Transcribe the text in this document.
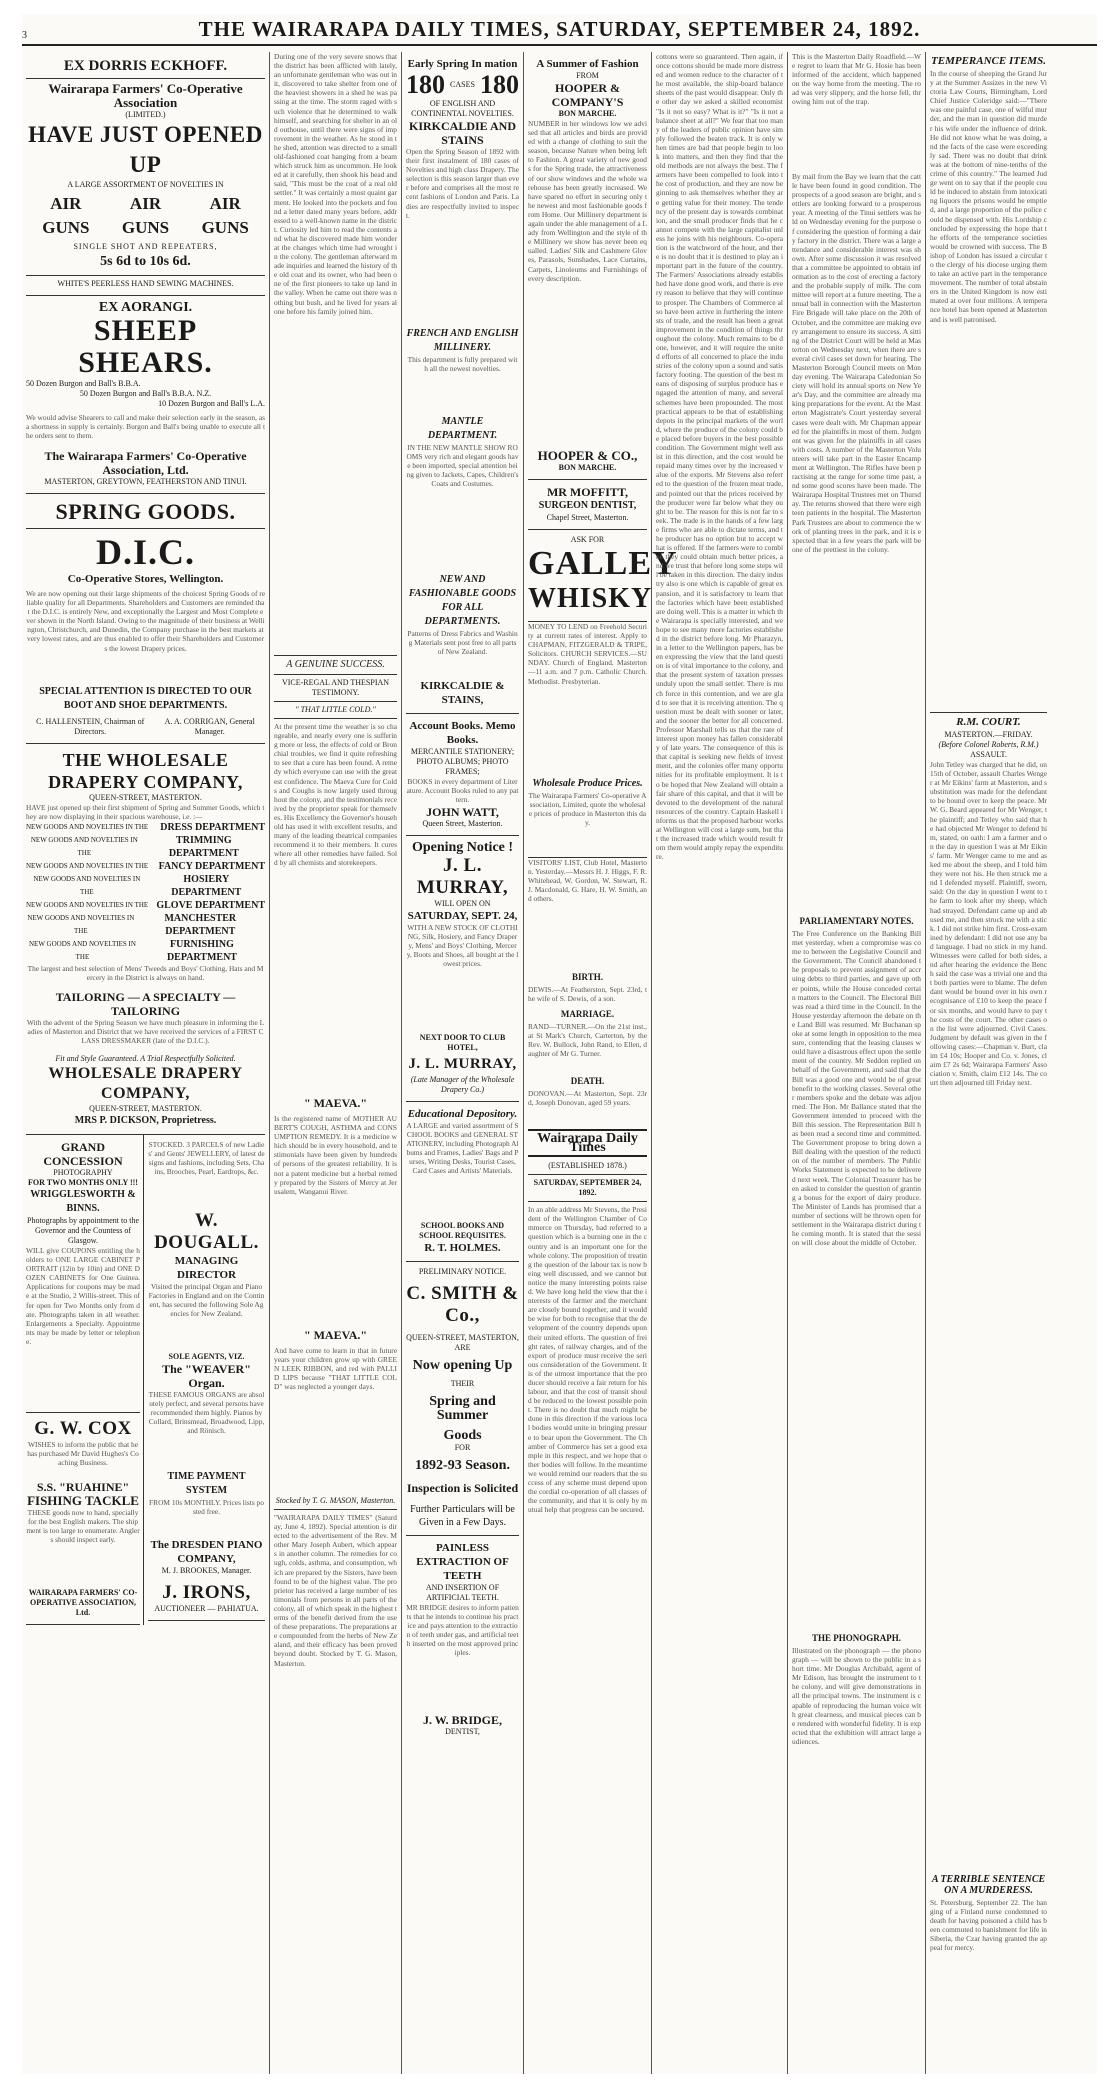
3	THE WAIRARAPA DAILY TIMES, SATURDAY, SEPTEMBER 24, 1892.
EX DORRIS ECKHOFF.
Wairarapa Farmers' Co-Operative Association
(LIMITED.)
HAVE JUST OPENED UP
A LARGE ASSORTMENT OF NOVELTIES IN
AIR GUNS
AIR GUNS
AIR GUNS
SINGLE SHOT AND REPEATERS,
5s 6d to 10s 6d.
WHITE'S PEERLESS HAND SEWING MACHINES.
EX AORANGI.
SHEEP SHEARS.
50 Dozen Burgon and Ball's B.B.A.
50 Dozen Burgon and Ball's B.B.A. N.Z.
10 Dozen Burgon and Ball's L.A.
We would advise Shearers to call and make their selection early in the season, as a shortness in supply is certainly. Burgon and Ball's being unable to execute all the orders sent to them.
The Wairarapa Farmers' Co-Operative Association, Ltd.
MASTERTON, GREYTOWN, FEATHERSTON AND TINUI.
SPRING GOODS.
D.I.C.
Co-Operative Stores, Wellington.
We are now opening out their large shipments of the choicest Spring Goods of reliable quality for all Departments. Shareholders and Customers are reminded that the D.I.C. is entirely New, and exceptionally the Largest and Most Complete ever shown in the North Island. Owing to the magnitude of their business at Wellington, Christchurch, and Dunedin, the Company purchase in the best markets at very lowest rates, and are thus enabled to offer their Shareholders and Customers the lowest Drapery prices.
SPECIAL ATTENTION IS DIRECTED TO OUR BOOT AND SHOE DEPARTMENTS.
C. HALLENSTEIN, Chairman of Directors.
A. A. CORRIGAN, General Manager.
THE WHOLESALE DRAPERY COMPANY,
QUEEN-STREET, MASTERTON.
HAVE just opened up their first shipment of Spring and Summer Goods, which they are now displaying in their spacious warehouse, i.e. :—
NEW GOODS AND NOVELTIES IN THE DRESS DEPARTMENT
NEW GOODS AND NOVELTIES IN THE
TRIMMING DEPARTMENT
NEW GOODS AND NOVELTIES IN THE FANCY DEPARTMENT
NEW GOODS AND NOVELTIES IN THE
HOSIERY DEPARTMENT
NEW GOODS AND NOVELTIES IN THE GLOVE DEPARTMENT
NEW GOODS AND NOVELTIES IN THE
MANCHESTER DEPARTMENT
NEW GOODS AND NOVELTIES IN THE
FURNISHING DEPARTMENT
The largest and best selection of Mens' Tweeds and Boys' Clothing, Hats and Mercery in the District is always on hand.
TAILORING — A SPECIALTY — TAILORING
With the advent of the Spring Season we have much pleasure in informing the Ladies of Masterton and District that we have received the services of a FIRST CLASS DRESSMAKER (late of the D.I.C.).
Fit and Style Guaranteed. A Trial Respectfully Solicited.
WHOLESALE DRAPERY COMPANY,
QUEEN-STREET, MASTERTON.
MRS P. DICKSON, Proprietress.
GRAND CONCESSION
PHOTOGRAPHY
FOR TWO MONTHS ONLY !!!
WRIGGLESWORTH & BINNS.
Photographs by appointment to the Governor and the Countess of Glasgow.
WILL give COUPONS entitling the holders to ONE LARGE CABINET PORTRAIT (12in by 10in) and ONE DOZEN CABINETS for One Guinea. Applications for coupons may be made at the Studio, 2 Willis-street. This offer open for Two Months only from date. Photographs taken in all weather. Enlargements a Specialty. Appointments may be made by letter or telephone.
G. W. COX
WISHES to inform the public that he has purchased Mr David Hughes's Coaching Business.
S.S. "RUAHINE"
FISHING TACKLE
THESE goods now to hand, specially for the best English makers. The shipment is too large to enumerate. Anglers should inspect early.
WAIRARAPA FARMERS' CO-OPERATIVE ASSOCIATION, Ltd.
STOCKED. 3 PARCELS of new Ladies' and Gents' JEWELLERY, of latest designs and fashions, including Sets, Chains, Brooches, Pearl, Eardrops, &c.
W. DOUGALL.
MANAGING DIRECTOR
Visited the principal Organ and Piano Factories in England and on the Continent, has secured the following Sole Agencies for New Zealand.
SOLE AGENTS, VIZ.
The "WEAVER" Organ.
THESE FAMOUS ORGANS are absolutely perfect, and several persons have recommended them highly. Pianos by Collard, Brinsmead, Broadwood, Lipp, and Rönisch.
TIME PAYMENT SYSTEM
FROM 10s MONTHLY. Prices lists posted free.
The DRESDEN PIANO COMPANY,
M. J. BROOKES, Manager.
J. IRONS,
AUCTIONEER — PAHIATUA.
During one of the very severe snows that the district has been afflicted with lately, an unfortunate gentleman who was out in it, discovered to take shelter from one of the heaviest showers in a shed he was passing at the time. The storm raged with such violence that he determined to walk himself, and searching for shelter in an old outhouse, until there were signs of improvement in the weather. As he stood in the shed, attention was directed to a small old-fashioned coat hanging from a beam which struck him as uncommon. He looked at it carefully, then shook his head and said, "This must be the coat of a real old settler." It was certainly a most quaint garment. He looked into the pockets and found a letter dated many years before, addressed to a well-known name in the district. Curiosity led him to read the contents and what he discovered made him wonder at the changes which time had wrought in the colony. The gentleman afterward made inquiries and learned the history of the old coat and its owner, who had been one of the first pioneers to take up land in the valley. When he came out there was nothing but bush, and he lived for years alone before his family joined him.
A GENUINE SUCCESS.
VICE-REGAL AND THESPIAN TESTIMONY.
" THAT LITTLE COLD."
At the present time the weather is so changeable, and nearly every one is suffering more or less, the effects of cold or Bronchial troubles, we find it quite refreshing to see that a cure has been found. A remedy which everyone can use with the greatest confidence. The Maeva Cure for Colds and Coughs is now largely used throughout the colony, and the testimonials received by the proprietor speak for themselves. His Excellency the Governor's household has used it with excellent results, and many of the leading theatrical companies recommend it to their members. It cures where all other remedies have failed. Sold by all chemists and storekeepers.
" MAEVA."
Is the registered name of MOTHER AUBERT'S COUGH, ASTHMA and CONSUMPTION REMEDY. It is a medicine which should be in every household, and testimonials have been given by hundreds of persons of the greatest reliability. It is not a patent medicine but a herbal remedy prepared by the Sisters of Mercy at Jerusalem, Wanganui River.
" MAEVA."
And have come to learn in that in future years your children grow up with GREEN LEEK RIBBON, and red with PALLID LIPS because "THAT LITTLE COLD" was neglected a younger days.
Stocked by T. G. MASON, Masterton.
"WAIRARAPA DAILY TIMES" (Saturday, June 4, 1892). Special attention is directed to the advertisement of the Rev. Mother Mary Joseph Aubert, which appears in another column. The remedies for cough, colds, asthma, and consumption, which are prepared by the Sisters, have been found to be of the highest value. The proprietor has received a large number of testimonials from persons in all parts of the colony, all of which speak in the highest terms of the benefit derived from the use of these preparations. The preparations are compounded from the herbs of New Zealand, and their efficacy has been proved beyond doubt. Stocked by T. G. Mason, Masterton.
Early Spring In mation
180 CASES 180
OF ENGLISH AND CONTINENTAL NOVELTIES.
KIRKCALDIE AND STAINS
Open the Spring Season of 1892 with their first instalment of 180 cases of Novelties and high class Drapery. The selection is this season larger than ever before and comprises all the most recent fashions of London and Paris. Ladies are respectfully invited to inspect.
FRENCH AND ENGLISH MILLINERY.
This department is fully prepared with all the newest novelties.
MANTLE DEPARTMENT.
IN THE NEW MANTLE SHOW ROOMS very rich and elegant goods have been imported, special attention being given to Jackets, Capes, Children's Coats and Costumes.
NEW AND FASHIONABLE GOODS FOR ALL DEPARTMENTS.
Patterns of Dress Fabrics and Washing Materials sent post free to all parts of New Zealand.
KIRKCALDIE & STAINS,
Account Books. Memo Books.
MERCANTILE STATIONERY; PHOTO ALBUMS; PHOTO FRAMES;
BOOKS in every department of Literature. Account Books ruled to any pattern.
JOHN WATT,
Queen Street, Masterton.
Opening Notice !
J. L. MURRAY,
WILL OPEN ON
SATURDAY, SEPT. 24,
WITH A NEW STOCK OF CLOTHING, Silk, Hosiery, and Fancy Drapery, Mens' and Boys' Clothing, Mercery, Boots and Shoes, all bought at the lowest prices.
NEXT DOOR TO CLUB HOTEL,
J. L. MURRAY,
(Late Manager of the Wholesale Drapery Co.)
Educational Depository.
A LARGE and varied assortment of SCHOOL BOOKS and GENERAL STATIONERY, including Photograph Albums and Frames, Ladies' Bags and Purses, Writing Desks, Tourist Cases, Card Cases and Artists' Materials.
SCHOOL BOOKS AND SCHOOL REQUISITES.
R. T. HOLMES.
PRELIMINARY NOTICE.
C. SMITH & Co.,
QUEEN-STREET, MASTERTON,
ARE
Now opening Up
THEIR
Spring and Summer
Goods
FOR
1892-93 Season.
Inspection is Solicited
Further Particulars will be Given in a Few Days.
PAINLESS EXTRACTION OF TEETH
AND INSERTION OF ARTIFICIAL TEETH.
MR BRIDGE desires to inform patients that he intends to continue his practice and pays attention to the extraction of teeth under gas, and artificial teeth inserted on the most approved principles.
J. W. BRIDGE,
DENTIST,
A Summer of Fashion
FROM
HOOPER & COMPANY'S
BON MARCHE.
NUMBER in her windows low we advised that all articles and birds are provided with a change of clothing to suit the season, because Nature when being left to Fashion. A great variety of new goods for the Spring trade, the attractiveness of our show windows and the whole warehouse has been greatly increased. We have spared no effort in securing only the newest and most fashionable goods from Home. Our Millinery department is again under the able management of a Lady from Wellington and the style of the Millinery we show has never been equalled. Ladies' Silk and Cashmere Gloves, Parasols, Sunshades, Lace Curtains, Carpets, Linoleums and Furnishings of every description.
HOOPER & CO.,
BON MARCHE.
MR MOFFITT,
SURGEON DENTIST,
Chapel Street, Masterton.
ASK FOR
GALLEY
WHISKY
MONEY TO LEND on Freehold Security at current rates of interest. Apply to CHAPMAN, FITZGERALD & TRIPE, Solicitors. CHURCH SERVICES.—SUNDAY. Church of England. Masterton—11 a.m. and 7 p.m. Catholic Church. Methodist. Presbyterian.
Wholesale Produce Prices.
The Wairarapa Farmers' Co-operative Association, Limited, quote the wholesale prices of produce in Masterton this day.
VISITORS' LIST, Club Hotel, Masterton. Yesterday.—Messrs H. J. Higgs, F. R. Whitehead, W. Gordon, W. Stewart, R. J. Macdonald, G. Hare, H. W. Smith, and others.
BIRTH.
DEWIS.—At Featherston, Sept. 23rd, the wife of S. Dewis, of a son.
MARRIAGE.
RAND—TURNER.—On the 21st inst., at St Mark's Church, Carterton, by the Rev. W. Bullock, John Rand, to Ellen, daughter of Mr G. Turner.
DEATH.
DONOVAN.—At Masterton, Sept. 23rd, Joseph Donovan, aged 59 years.
Wairarapa Daily Times
(ESTABLISHED 1878.)
SATURDAY, SEPTEMBER 24, 1892.
In an able address Mr Stevens, the President of the Wellington Chamber of Commerce on Thursday, had referred to a question which is a burning one in the country and is an important one for the whole colony. The proposition of treating the question of the labour tax is now being well discussed, and we cannot but notice the many interesting points raised. We have long held the view that the interests of the farmer and the merchant are closely bound together, and it would be wise for both to recognise that the development of the country depends upon their united efforts. The question of freight rates, of railway charges, and of the export of produce must receive the serious consideration of the Government. It is of the utmost importance that the producer should receive a fair return for his labour, and that the cost of transit should be reduced to the lowest possible point. There is no doubt that much might be done in this direction if the various local bodies would unite in bringing pressure to bear upon the Government. The Chamber of Commerce has set a good example in this respect, and we hope that other bodies will follow. In the meantime we would remind our readers that the success of any scheme must depend upon the cordial co-operation of all classes of the community, and that it is only by mutual help that progress can be secured.
cottons were so guaranteed. Then again, if once cottons should be made more distressed and women reduce to the character of the most available, the ship-board balance sheets of the past would disappear. Only the other day we asked a skilled economist "Is it not so easy? What is it?" "Is it not a balance sheet at all?" We fear that too many of the leaders of public opinion have simply followed the beaten track. It is only when times are bad that people begin to look into matters, and then they find that the old methods are not always the best. The farmers have been compelled to look into the cost of production, and they are now beginning to ask themselves whether they are getting value for their money. The tendency of the present day is towards combination, and the small producer finds that he cannot compete with the large capitalist unless he joins with his neighbours. Co-operation is the watchword of the hour, and there is no doubt that it is destined to play an important part in the future of the country. The Farmers' Associations already established have done good work, and there is every reason to believe that they will continue to prosper. The Chambers of Commerce also have been active in furthering the interests of trade, and the result has been a great improvement in the condition of things throughout the colony. Much remains to be done, however, and it will require the united efforts of all concerned to place the industries of the colony upon a sound and satisfactory footing. The question of the best means of disposing of surplus produce has engaged the attention of many, and several schemes have been propounded. The most practical appears to be that of establishing depots in the principal markets of the world, where the produce of the colony could be placed before buyers in the best possible condition. The Government might well assist in this direction, and the cost would be repaid many times over by the increased value of the exports. Mr Stevens also referred to the question of the frozen meat trade, and pointed out that the prices received by the producer were far below what they ought to be. The reason for this is not far to seek. The trade is in the hands of a few large firms who are able to dictate terms, and the producer has no option but to accept what is offered. If the farmers were to combine they could obtain much better prices, and we trust that before long some steps will be taken in this direction. The dairy industry also is one which is capable of great expansion, and it is satisfactory to learn that the factories which have been established are doing well. This is a matter in which the Wairarapa is specially interested, and we hope to see many more factories established in the district before long. Mr Pharazyn, in a letter to the Wellington papers, has been expressing the view that the land question is of vital importance to the colony, and that the present system of taxation presses unduly upon the small settler. There is much force in this contention, and we are glad to see that it is receiving attention. The question must be dealt with sooner or later, and the sooner the better for all concerned. Professor Marshall tells us that the rate of interest upon money has fallen considerably of late years. The consequence of this is that capital is seeking new fields of investment, and the colonies offer many opportunities for its profitable employment. It is to be hoped that New Zealand will obtain a fair share of this capital, and that it will be devoted to the development of the natural resources of the country. Captain Haskell informs us that the proposed harbour works at Wellington will cost a large sum, but that the increased trade which would result from them would amply repay the expenditure.
This is the Masterton Daily Roadfield.—We regret to learn that Mr G. Hosie has been informed of the accident, which happened on the way home from the meeting. The road was very slippery, and the horse fell, throwing him out of the trap.
By mail from the Bay we learn that the cattle have been found in good condition. The prospects of a good season are bright, and settlers are looking forward to a prosperous year. A meeting of the Tinui settlers was held on Wednesday evening for the purpose of considering the question of forming a dairy factory in the district. There was a large attendance and considerable interest was shown. After some discussion it was resolved that a committee be appointed to obtain information as to the cost of erecting a factory and the probable supply of milk. The committee will report at a future meeting. The annual ball in connection with the Masterton Fire Brigade will take place on the 20th of October, and the committee are making every arrangement to ensure its success. A sitting of the District Court will be held at Masterton on Wednesday next, when there are several civil cases set down for hearing. The Masterton Borough Council meets on Monday evening. The Wairarapa Caledonian Society will hold its annual sports on New Year's Day, and the committee are already making preparations for the event. At the Masterton Magistrate's Court yesterday several cases were dealt with. Mr Chapman appeared for the plaintiffs in most of them. Judgment was given for the plaintiffs in all cases with costs. A number of the Masterton Volunteers will take part in the Easter Encampment at Wellington. The Rifles have been practising at the range for some time past, and some good scores have been made. The Wairarapa Hospital Trustees met on Thursday. The returns showed that there were eighteen patients in the hospital. The Masterton Park Trustees are about to commence the work of planting trees in the park, and it is expected that in a few years the park will be one of the prettiest in the colony.
PARLIAMENTARY NOTES.
The Free Conference on the Banking Bill met yesterday, when a compromise was come to between the Legislative Council and the Government. The Council abandoned the proposals to prevent assignment of accruing debts to third parties, and gave up other points, while the House conceded certain matters to the Council. The Electoral Bill was read a third time in the Council. In the House yesterday afternoon the debate on the Land Bill was resumed. Mr Buchanan spoke at some length in opposition to the measure, contending that the leasing clauses would have a disastrous effect upon the settlement of the country. Mr Seddon replied on behalf of the Government, and said that the Bill was a good one and would be of great benefit to the working classes. Several other members spoke and the debate was adjourned. The Hon. Mr Ballance stated that the Government intended to proceed with the Bill this session. The Representation Bill has been read a second time and committed. The Government propose to bring down a Bill dealing with the question of the reduction of the number of members. The Public Works Statement is expected to be delivered next week. The Colonial Treasurer has been asked to consider the question of granting a bonus for the export of dairy produce. The Minister of Lands has promised that a number of sections will be thrown open for settlement in the Wairarapa district during the coming month. It is stated that the session will close about the middle of October.
THE PHONOGRAPH.
Illustrated on the phonograph — the phonograph — will be shown to the public in a short time. Mr Douglas Archibald, agent of Mr Edison, has brought the instrument to the colony, and will give demonstrations in all the principal towns. The instrument is capable of reproducing the human voice with great clearness, and musical pieces can be rendered with wonderful fidelity. It is expected that the exhibition will attract large audiences.
TEMPERANCE ITEMS.
In the course of sheeping the Grand Jury at the Summer Assizes in the new Victoria Law Courts, Birmingham, Lord Chief Justice Coleridge said:—"There was one painful case, one of wilful murder, and the man in question did murder his wife under the influence of drink. He did not know what he was doing, and the facts of the case were exceedingly sad. There was no doubt that drink was at the bottom of nine-tenths of the crime of this country." The learned Judge went on to say that if the people could be induced to abstain from intoxicating liquors the prisons would be emptied, and a large proportion of the police could be dispensed with. His Lordship concluded by expressing the hope that the efforts of the temperance societies would be crowned with success. The Bishop of London has issued a circular to the clergy of his diocese urging them to take an active part in the temperance movement. The number of total abstainers in the United Kingdom is now estimated at over four millions. A temperance hotel has been opened at Masterton and is well patronised.
R.M. COURT.
MASTERTON.—FRIDAY.
(Before Colonel Roberts, R.M.)
ASSAULT.
John Tetley was charged that he did, on 15th of October, assault Charles Wenger at Mr Eikins' farm at Masterton, and substitution was made for the defendant to be bound over to keep the peace. Mr W. G. Beard appeared for Mr Wenger, the plaintiff; and Tetley who said that he had objected Mr Wenger to defend him, stated, on oath: I am a farmer and on the day in question I was at Mr Eikins' farm. Mr Wenger came to me and asked me about the sheep, and I told him they were not his. He then struck me and I defended myself. Plaintiff, sworn, said: On the day in question I went to the farm to look after my sheep, which had strayed. Defendant came up and abused me, and then struck me with a stick. I did not strike him first. Cross-examined by defendant: I did not use any bad language. I had no stick in my hand. Witnesses were called for both sides, and after hearing the evidence the Bench said the case was a trivial one and that both parties were to blame. The defendant would be bound over in his own recognisance of £10 to keep the peace for six months, and would have to pay the costs of the court. The other cases on the list were adjourned. Civil Cases. Judgment by default was given in the following cases:—Chapman v. Burt, claim £4 10s; Hooper and Co. v. Jones, claim £7 2s 6d; Wairarapa Farmers' Association v. Smith, claim £12 14s. The court then adjourned till Friday next.
A TERRIBLE SENTENCE ON A MURDERESS.
St. Petersburg, September 22. The hanging of a Finland nurse condemned to death for having poisoned a child has been commuted to banishment for life in Siberia, the Czar having granted the appeal for mercy.
